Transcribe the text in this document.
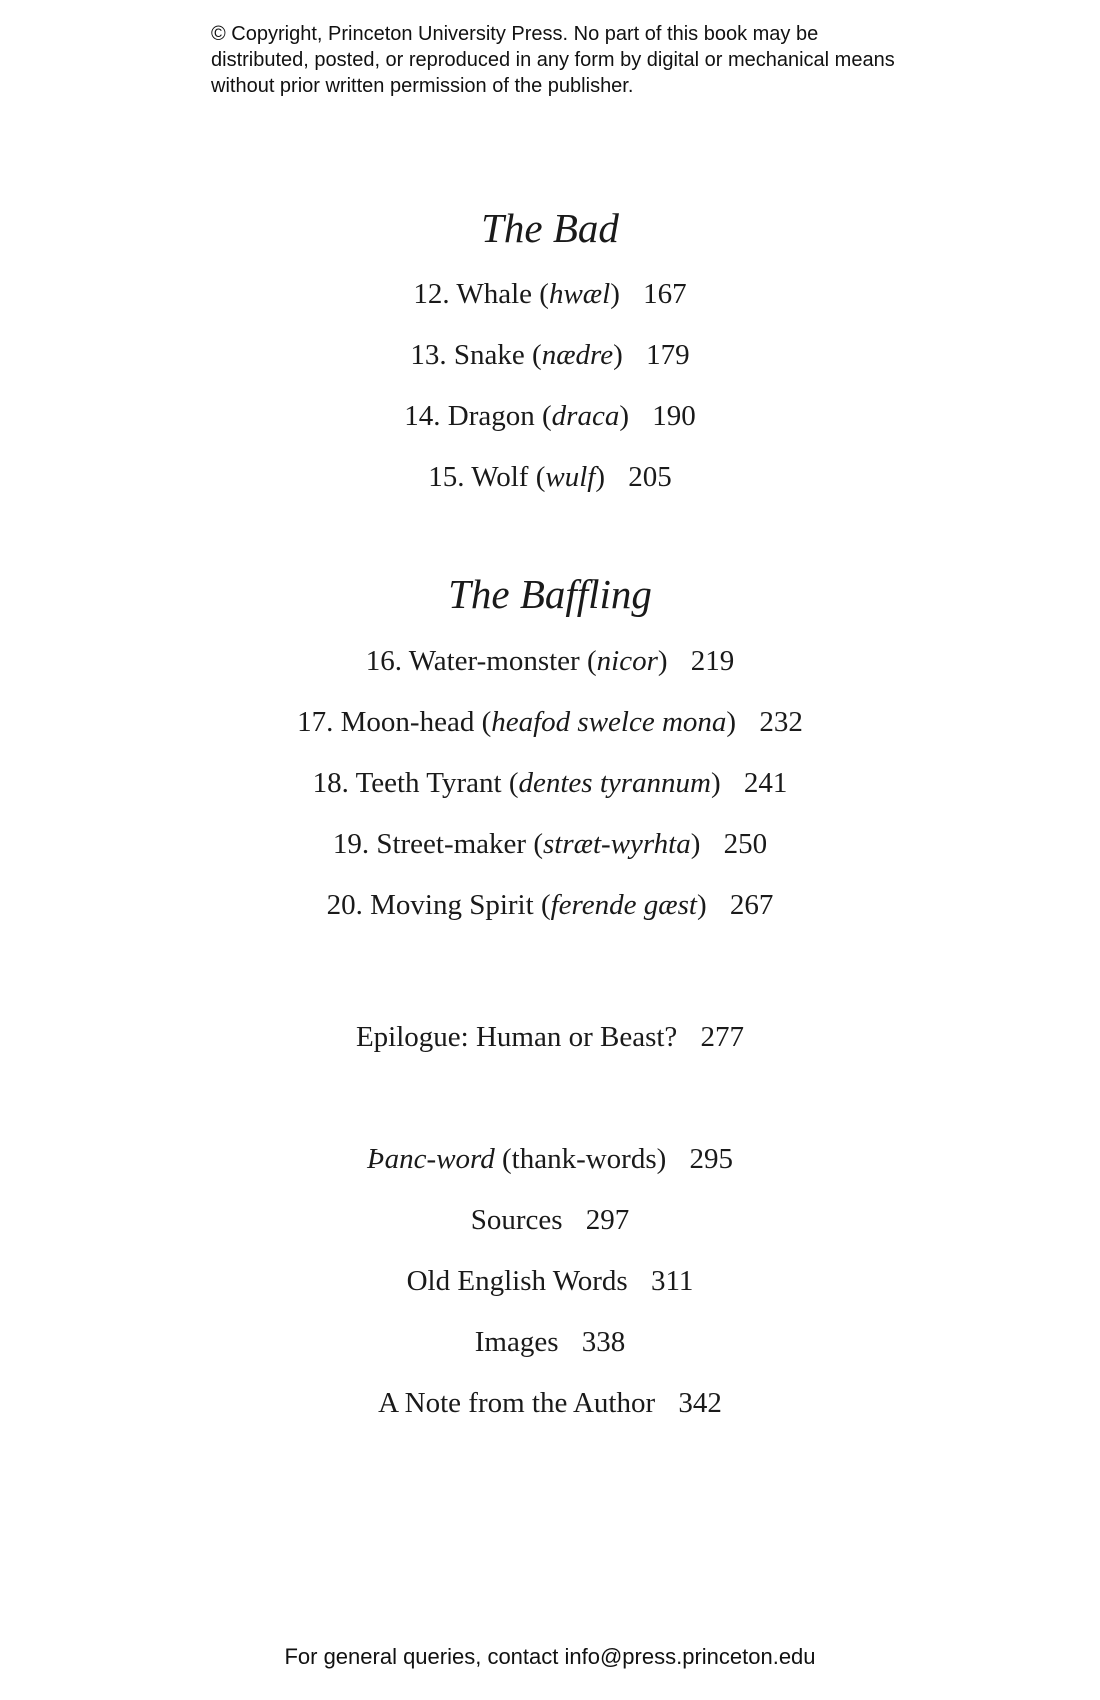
© Copyright, Princeton University Press. No part of this book may be distributed, posted, or reproduced in any form by digital or mechanical means without prior written permission of the publisher.

The Bad
12. Whale (hwæl) 167
13. Snake (nædre) 179
14. Dragon (draca) 190
15. Wolf (wulf) 205
The Baffling
16. Water-monster (nicor) 219
17. Moon-head (heafod swelce mona) 232
18. Teeth Tyrant (dentes tyrannum) 241
19. Street-maker (stræt-wyrhta) 250
20. Moving Spirit (ferende gæst) 267
Epilogue: Human or Beast? 277
Þanc-word (thank-words) 295
Sources 297
Old English Words 311
Images 338
A Note from the Author 342
For general queries, contact info@press.princeton.edu
